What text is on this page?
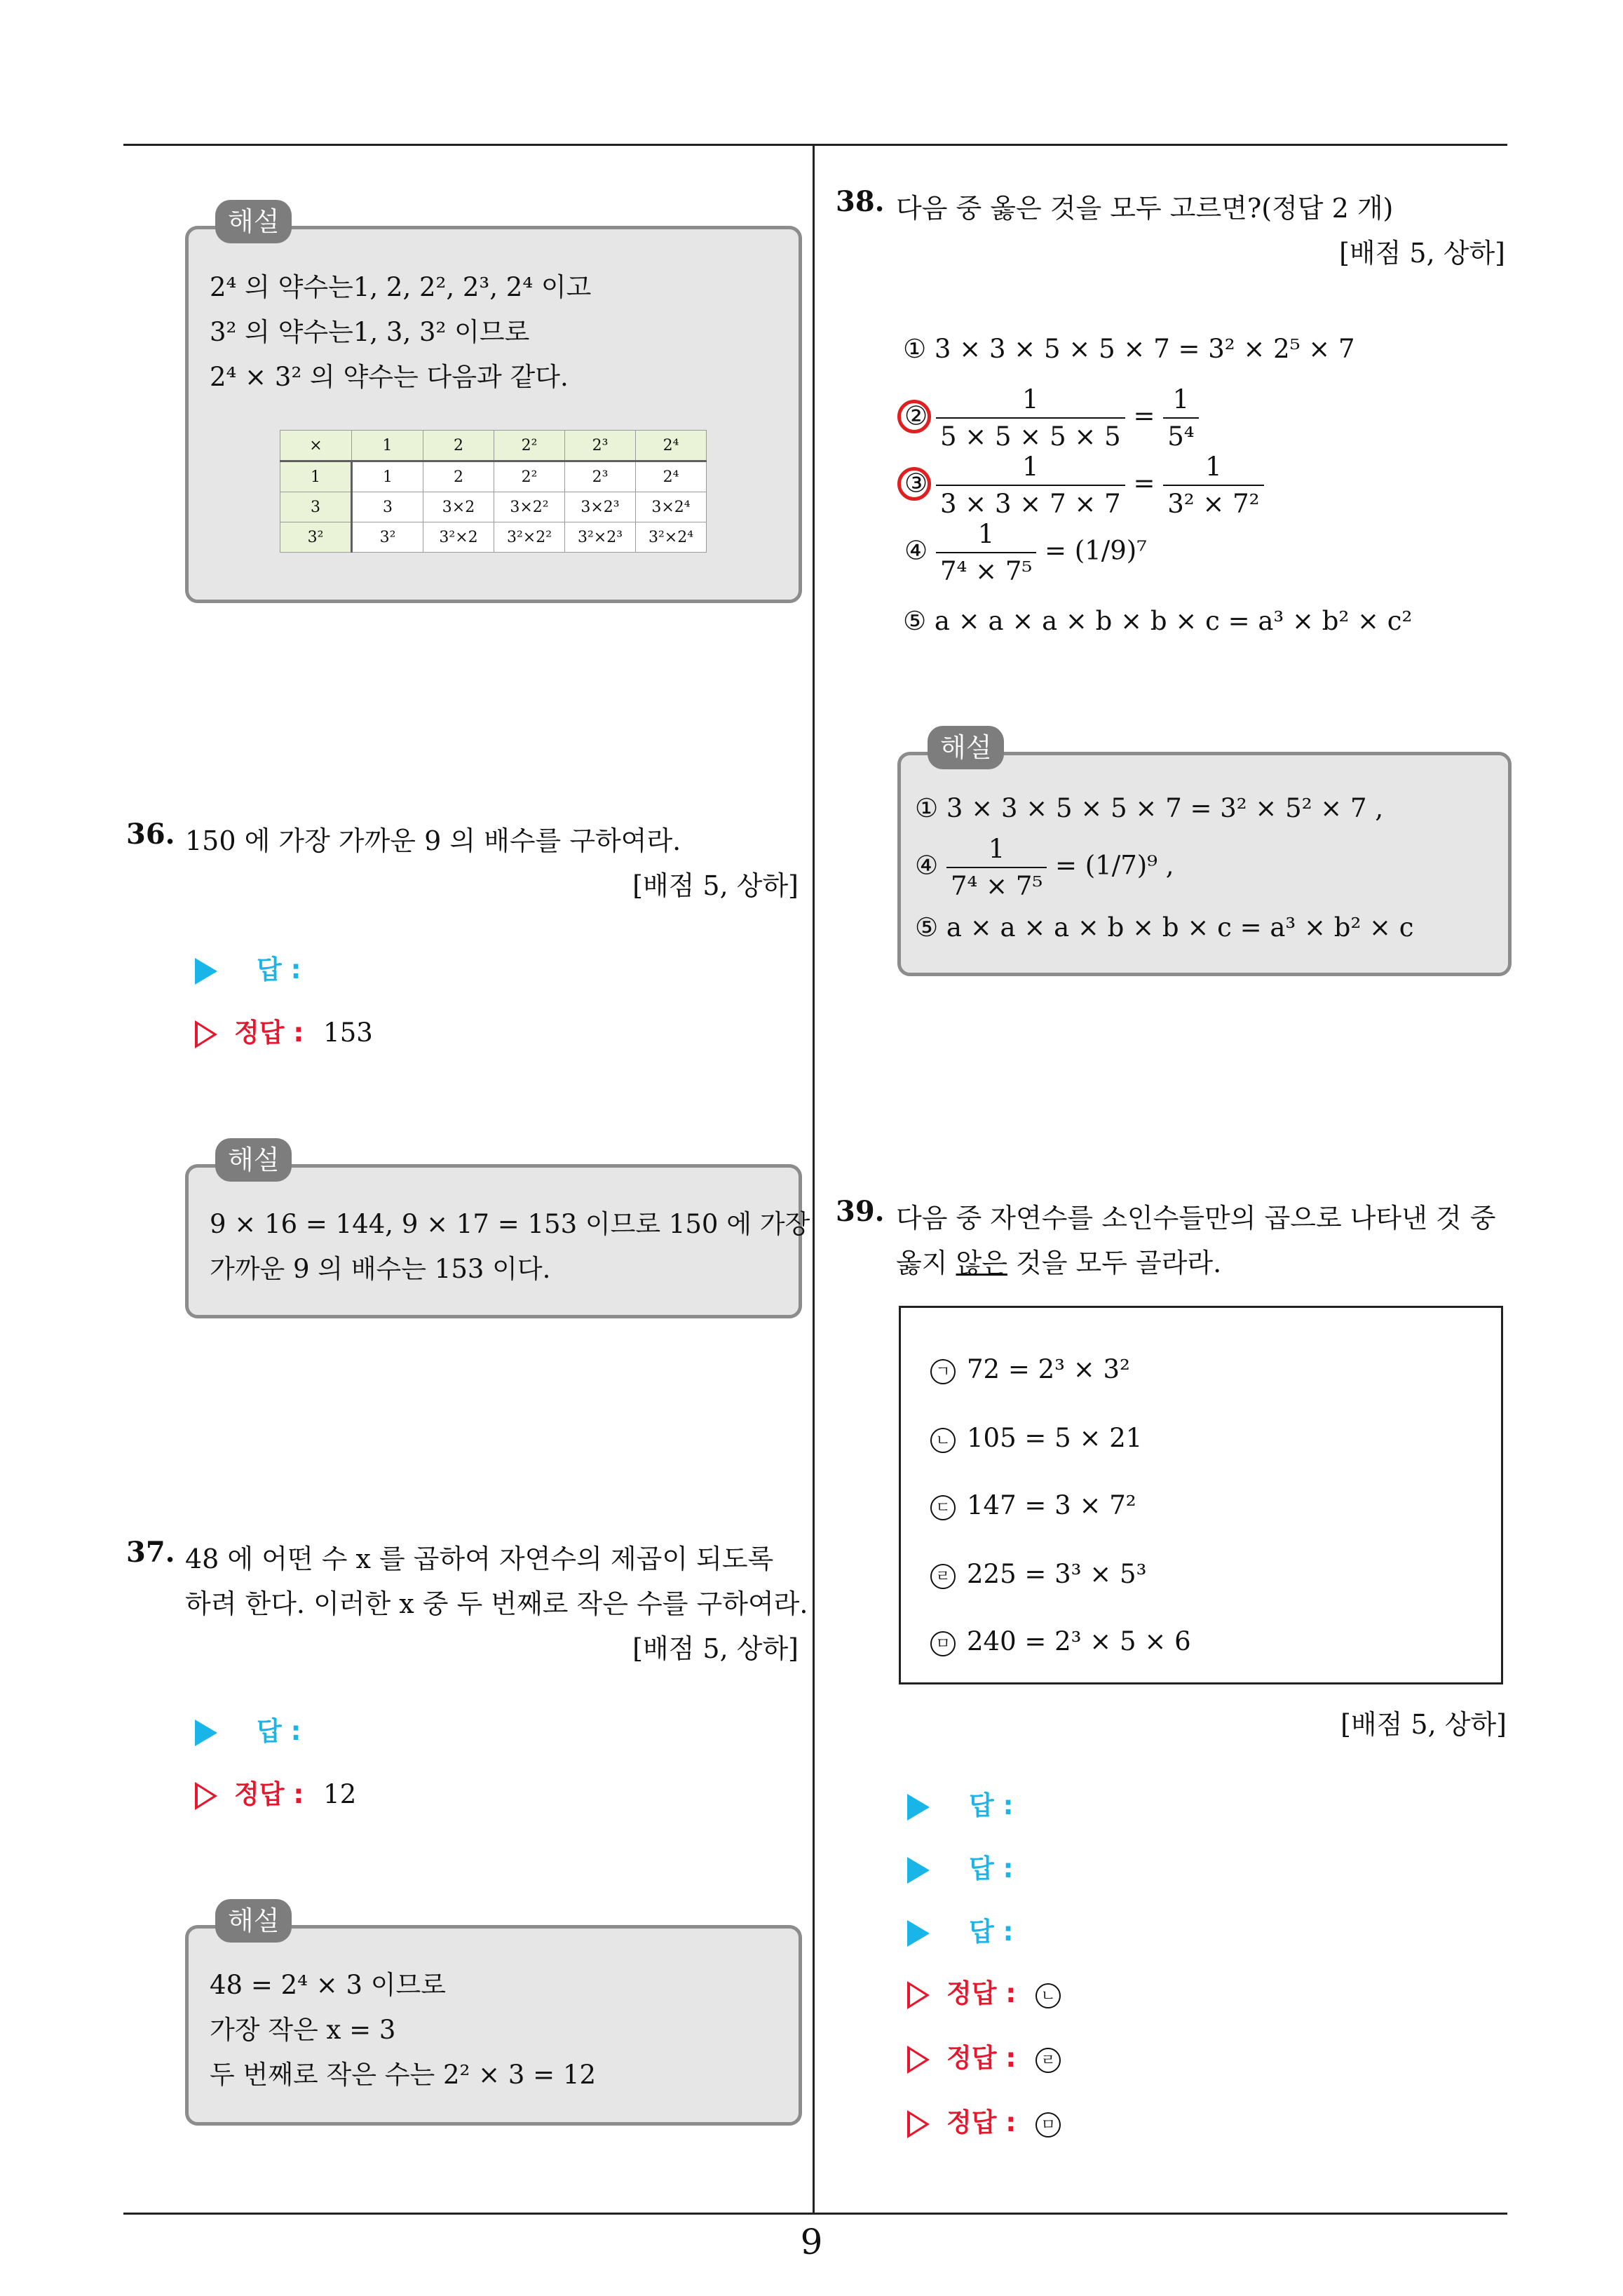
해설
2⁴ 의 약수는1, 2, 2², 2³, 2⁴ 이고
3² 의 약수는1, 3, 3² 이므로
2⁴ × 3² 의 약수는 다음과 같다.
×	1	2	2²	2³	2⁴
1	1	2	2²	2³	2⁴
3	3	3×2	3×2²	3×2³	3×2⁴
3²	3²	3²×2	3²×2²	3²×2³	3²×2⁴
36. 150 에 가장 가까운 9 의 배수를 구하여라.
[배점 5, 상하]
답 :
정답 : 153
해설
9 × 16 = 144, 9 × 17 = 153 이므로 150 에 가장
가까운 9 의 배수는 153 이다.
37. 48 에 어떤 수 x 를 곱하여 자연수의 제곱이 되도록
하려 한다. 이러한 x 중 두 번째로 작은 수를 구하여라.
[배점 5, 상하]
답 :
정답 : 12
해설
48 = 2⁴ × 3 이므로
가장 작은 x = 3
두 번째로 작은 수는 2² × 3 = 12
38. 다음 중 옳은 것을 모두 고르면?(정답 2 개)
[배점 5, 상하]
① 3 × 3 × 5 × 5 × 7 = 3² × 2⁵ × 7
② $\frac{1}{5 \times 5 \times 5 \times 5} = \frac{1}{\text{5⁴}}$
③ $\frac{1}{3 \times 3 \times 7 \times 7} = \frac{1}{\text{3² × 7²}}$
④ $\frac{1}{\text{7⁴ × 7⁵}} = (1/9)^7$
⑤ a × a × a × b × b × c = a³ × b² × c²
해설
① 3 × 3 × 5 × 5 × 7 = 3² × 5² × 7 ,
④ $\frac{1}{\text{7⁴ × 7⁵}} = (1/7)^9$ ,
⑤ a × a × a × b × b × c = a³ × b² × c
39. 다음 중 자연수를 소인수들만의 곱으로 나타낸 것 중
옳지 않은 것을 모두 골라라.
ㄱ 72 = 2³ × 3²
ㄴ 105 = 5 × 21
ㄷ 147 = 3 × 7²
ㄹ 225 = 3³ × 5³
ㅁ 240 = 2³ × 5 × 6
[배점 5, 상하]
답 :
답 :
답 :
정답 : ㄴ
정답 : ㄹ
정답 : ㅁ
9
